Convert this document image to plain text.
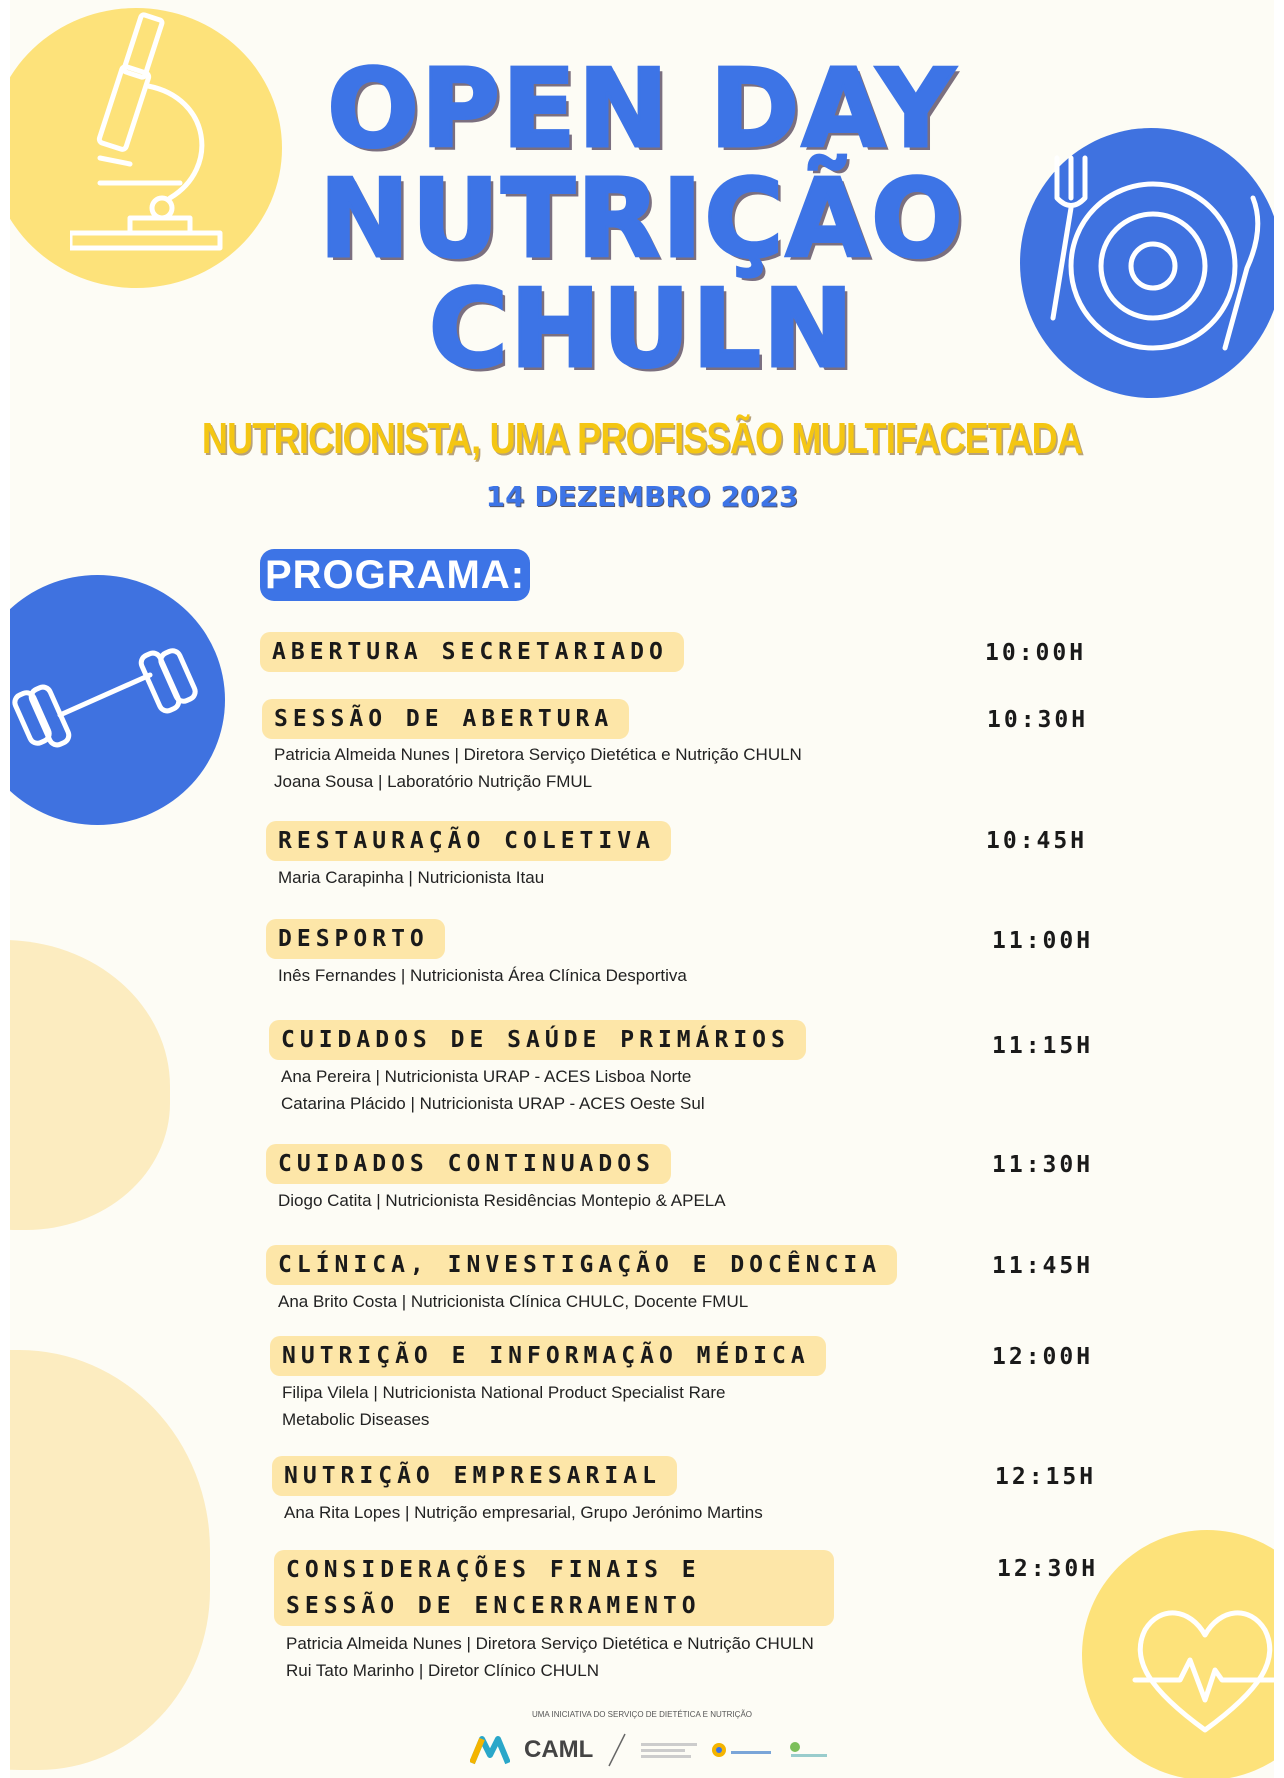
OPEN DAY
NUTRIÇÃO
CHULN
NUTRICIONISTA, UMA PROFISSÃO MULTIFACETADA
14 DEZEMBRO 2023
PROGRAMA:
ABERTURA SECRETARIADO	10:00H
SESSÃO DE ABERTURA
Patricia Almeida Nunes | Diretora Serviço Dietética e Nutrição CHULN
Joana Sousa | Laboratório Nutrição FMUL
10:30H
RESTAURAÇÃO COLETIVA
Maria Carapinha | Nutricionista Itau
10:45H
DESPORTO
Inês Fernandes | Nutricionista Área Clínica Desportiva
11:00H
CUIDADOS DE SAÚDE PRIMÁRIOS
Ana Pereira | Nutricionista URAP - ACES Lisboa Norte
Catarina Plácido | Nutricionista URAP - ACES Oeste Sul
11:15H
CUIDADOS CONTINUADOS
Diogo Catita | Nutricionista Residências Montepio & APELA
11:30H
CLÍNICA, INVESTIGAÇÃO E DOCÊNCIA
Ana Brito Costa | Nutricionista Clínica CHULC, Docente FMUL
11:45H
NUTRIÇÃO E INFORMAÇÃO MÉDICA
Filipa Vilela | Nutricionista National Product Specialist Rare
Metabolic Diseases
12:00H
NUTRIÇÃO EMPRESARIAL
Ana Rita Lopes | Nutrição empresarial, Grupo Jerónimo Martins
12:15H
CONSIDERAÇÕES FINAIS E SESSÃO DE ENCERRAMENTO
Patricia Almeida Nunes | Diretora Serviço Dietética e Nutrição CHULN
Rui Tato Marinho | Diretor Clínico CHULN
12:30H
UMA INICIATIVA DO SERVIÇO DE DIETÉTICA E NUTRIÇÃO
CAML
